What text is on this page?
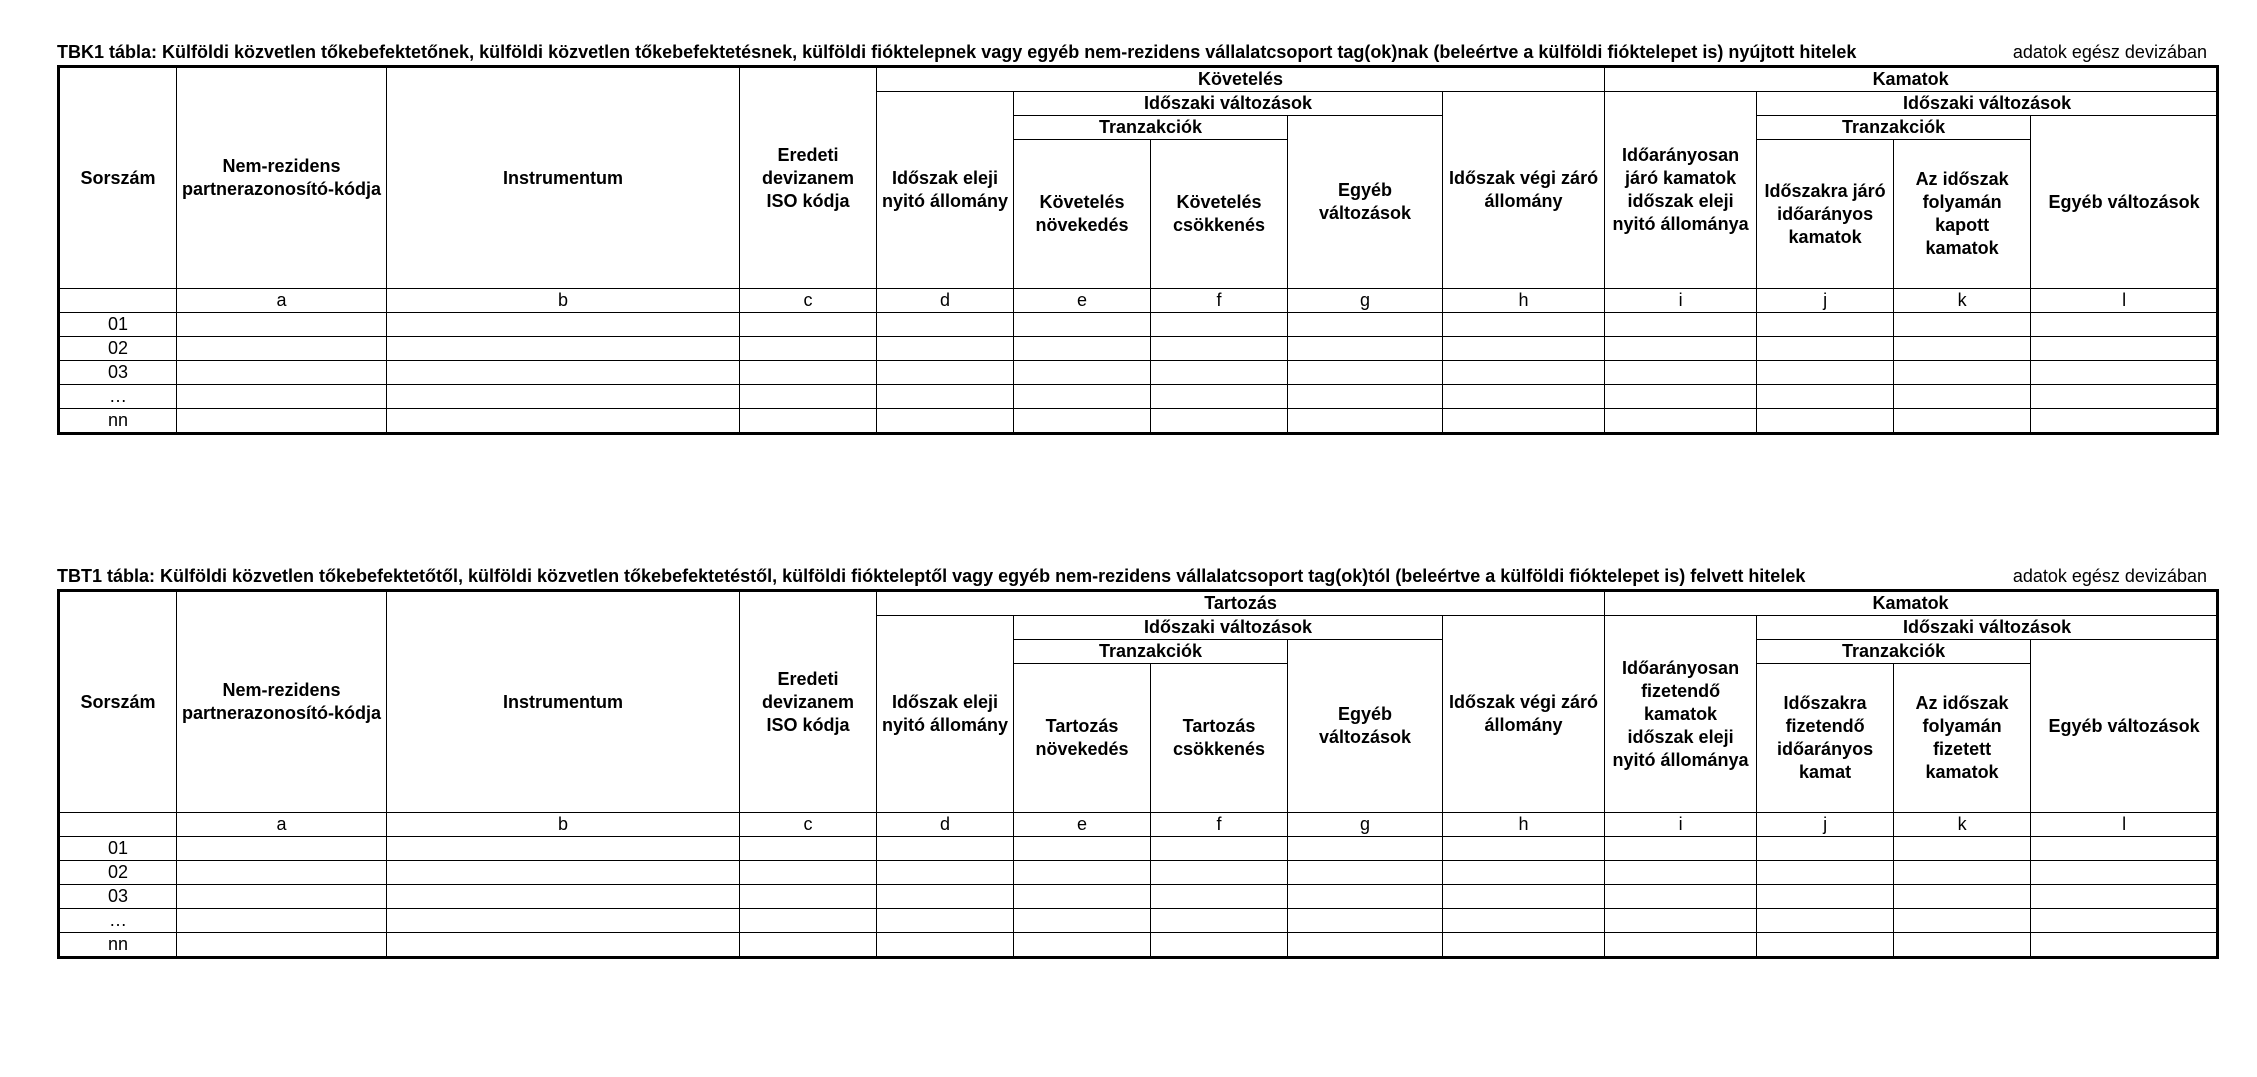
TBK1 tábla: Külföldi közvetlen tőkebefektetőnek, külföldi közvetlen tőkebefektetésnek, külföldi fióktelepnek vagy egyéb nem-rezidens vállalatcsoport tag(ok)nak (beleértve a külföldi fióktelepet is) nyújtott hitelek	adatok egész devizában
Sorszám	Nem-rezidens partnerazonosító-kódja	Instrumentum	Eredeti devizanem ISO kódja	Követelés					Kamatok				
				Időszak eleji nyitó állomány	Időszaki változások			Időszak végi záró állomány	Időarányosan járó kamatok időszak eleji nyitó állománya	Időszaki változások	
					Tranzakciók		Egyéb változások			Tranzakciók		Egyéb változások	
					Követelés növekedés	Követelés csökkenés				Időszakra járó időarányos kamatok	Az időszak folyamán kapott kamatok		

	a	b	c	d	e	f	g	h	i	j	k	l	
01													
02													
03													
…													
nn													
TBT1 tábla: Külföldi közvetlen tőkebefektetőtől, külföldi közvetlen tőkebefektetéstől, külföldi fiókteleptől vagy egyéb nem-rezidens vállalatcsoport tag(ok)tól (beleértve a külföldi fióktelepet is) felvett hitelek	adatok egész devizában
Sorszám	Nem-rezidens partnerazonosító-kódja	Instrumentum	Eredeti devizanem ISO kódja	Tartozás					Kamatok				
				Időszak eleji nyitó állomány	Időszaki változások			Időszak végi záró állomány	Időarányosan fizetendő kamatok időszak eleji nyitó állománya	Időszaki változások	
					Tranzakciók		Egyéb változások			Tranzakciók		Egyéb változások	
					Tartozás növekedés	Tartozás csökkenés				Időszakra fizetendő időarányos kamat	Az időszak folyamán fizetett kamatok		

	a	b	c	d	e	f	g	h	i	j	k	l	
01													
02													
03													
…													
nn													
